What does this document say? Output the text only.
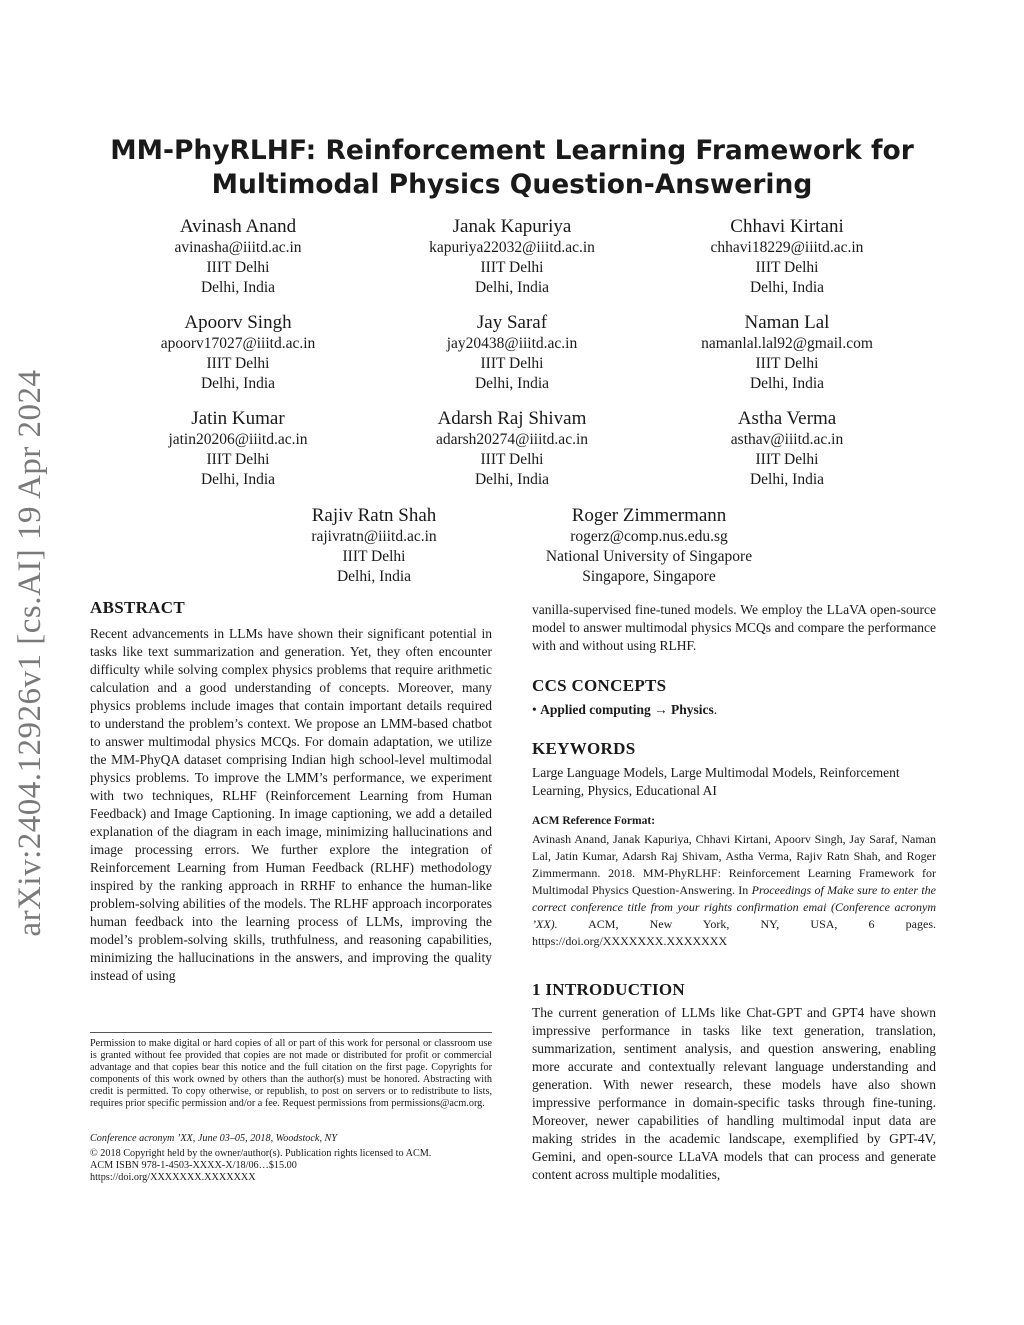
arXiv:2404.12926v1 [cs.AI] 19 Apr 2024
MM-PhyRLHF: Reinforcement Learning Framework for
Multimodal Physics Question-Answering
Avinash Anand
avinasha@iiitd.ac.in
IIIT Delhi
Delhi, India
Janak Kapuriya
kapuriya22032@iiitd.ac.in
IIIT Delhi
Delhi, India
Chhavi Kirtani
chhavi18229@iiitd.ac.in
IIIT Delhi
Delhi, India
Apoorv Singh
apoorv17027@iiitd.ac.in
IIIT Delhi
Delhi, India
Jay Saraf
jay20438@iiitd.ac.in
IIIT Delhi
Delhi, India
Naman Lal
namanlal.lal92@gmail.com
IIIT Delhi
Delhi, India
Jatin Kumar
jatin20206@iiitd.ac.in
IIIT Delhi
Delhi, India
Adarsh Raj Shivam
adarsh20274@iiitd.ac.in
IIIT Delhi
Delhi, India
Astha Verma
asthav@iiitd.ac.in
IIIT Delhi
Delhi, India
Rajiv Ratn Shah
rajivratn@iiitd.ac.in
IIIT Delhi
Delhi, India
Roger Zimmermann
rogerz@comp.nus.edu.sg
National University of Singapore
Singapore, Singapore
ABSTRACT
Recent advancements in LLMs have shown their significant potential in tasks like text summarization and generation. Yet, they often encounter difficulty while solving complex physics problems that require arithmetic calculation and a good understanding of concepts. Moreover, many physics problems include images that contain important details required to understand the problem’s context. We propose an LMM-based chatbot to answer multimodal physics MCQs. For domain adaptation, we utilize the MM-PhyQA dataset comprising Indian high school-level multimodal physics problems. To improve the LMM’s performance, we experiment with two techniques, RLHF (Reinforcement Learning from Human Feedback) and Image Captioning. In image captioning, we add a detailed explanation of the diagram in each image, minimizing hallucinations and image processing errors. We further explore the integration of Reinforcement Learning from Human Feedback (RLHF) methodology inspired by the ranking approach in RRHF to enhance the human-like problem-solving abilities of the models. The RLHF approach incorporates human feedback into the learning process of LLMs, improving the model’s problem-solving skills, truthfulness, and reasoning capabilities, minimizing the hallucinations in the answers, and improving the quality instead of using
Permission to make digital or hard copies of all or part of this work for personal or classroom use is granted without fee provided that copies are not made or distributed for profit or commercial advantage and that copies bear this notice and the full citation on the first page. Copyrights for components of this work owned by others than the author(s) must be honored. Abstracting with credit is permitted. To copy otherwise, or republish, to post on servers or to redistribute to lists, requires prior specific permission and/or a fee. Request permissions from permissions@acm.org.
Conference acronym ’XX, June 03–05, 2018, Woodstock, NY
© 2018 Copyright held by the owner/author(s). Publication rights licensed to ACM.
ACM ISBN 978-1-4503-XXXX-X/18/06…$15.00
https://doi.org/XXXXXXX.XXXXXXX
vanilla-supervised fine-tuned models. We employ the LLaVA open-source model to answer multimodal physics MCQs and compare the performance with and without using RLHF.
CCS CONCEPTS
• Applied computing → Physics.
KEYWORDS
Large Language Models, Large Multimodal Models, Reinforcement Learning, Physics, Educational AI
ACM Reference Format:
Avinash Anand, Janak Kapuriya, Chhavi Kirtani, Apoorv Singh, Jay Saraf, Naman Lal, Jatin Kumar, Adarsh Raj Shivam, Astha Verma, Rajiv Ratn Shah, and Roger Zimmermann. 2018. MM-PhyRLHF: Reinforcement Learning Framework for Multimodal Physics Question-Answering. In Proceedings of Make sure to enter the correct conference title from your rights confirmation emai (Conference acronym ’XX). ACM, New York, NY, USA, 6 pages. https://doi.org/XXXXXXX.XXXXXXX
1 INTRODUCTION
The current generation of LLMs like Chat-GPT and GPT4 have shown impressive performance in tasks like text generation, translation, summarization, sentiment analysis, and question answering, enabling more accurate and contextually relevant language understanding and generation. With newer research, these models have also shown impressive performance in domain-specific tasks through fine-tuning. Moreover, newer capabilities of handling multimodal input data are making strides in the academic landscape, exemplified by GPT-4V, Gemini, and open-source LLaVA models that can process and generate content across multiple modalities,
